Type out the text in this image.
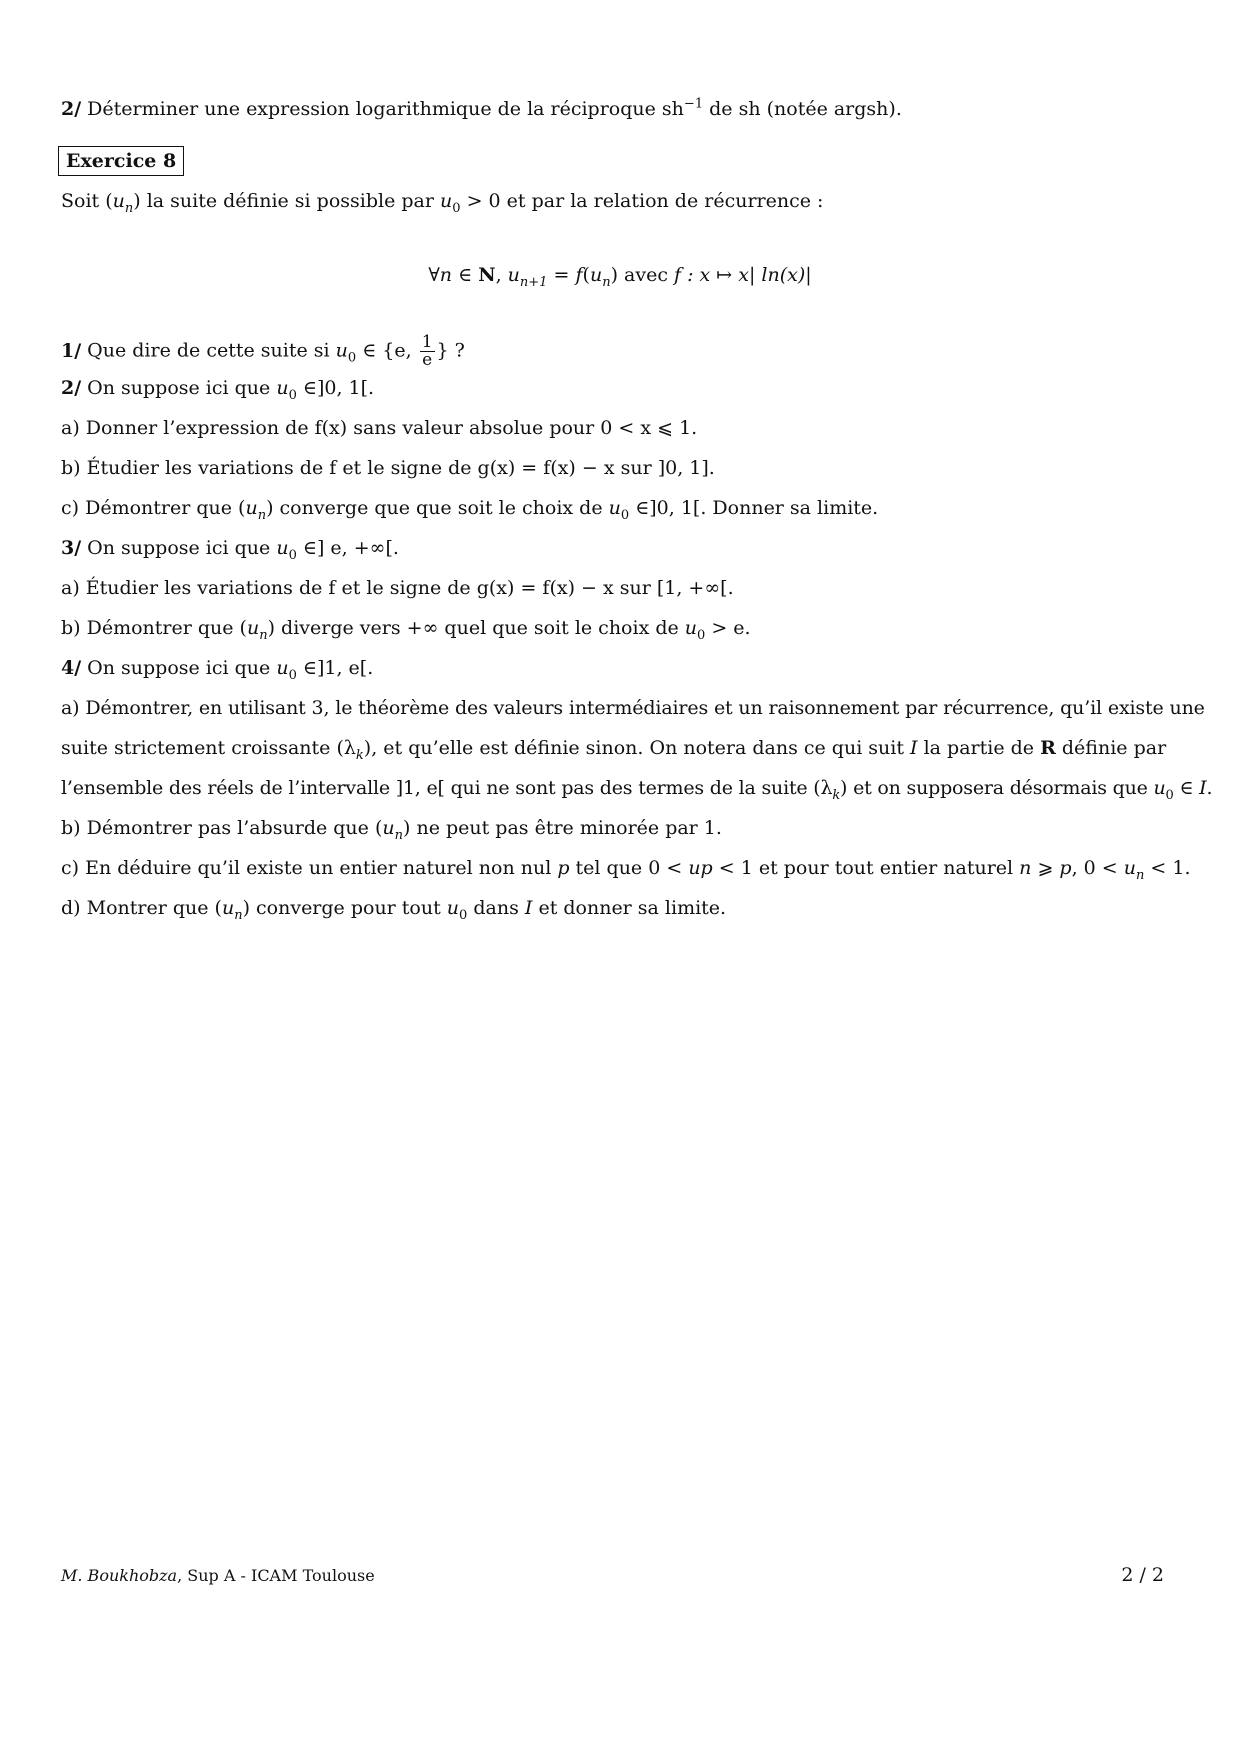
2/ Déterminer une expression logarithmique de la réciproque $sh^{-1}$ de sh (notée argsh).
Exercice 8
Soit $(u_n)$ la suite définie si possible par $u_0 > 0$ et par la relation de récurrence :
∀n ∈ N, $u_{n+1} = f(u_n)$ avec f : x ↦ x| ln(x)|
1/ Que dire de cette suite si $u_0$ ∈ {e, $\frac{1}{e}$ } ?
2/ On suppose ici que $u_0$ ∈]0, 1[.
a) Donner l’expression de f(x) sans valeur absolue pour 0 < x ⩽ 1.
b) Étudier les variations de f et le signe de g(x) = f(x) − x sur ]0, 1].
c) Démontrer que $(u_n)$ converge que que soit le choix de $u_0$ ∈]0, 1[. Donner sa limite.
3/ On suppose ici que $u_0$ ∈] e, +∞[.
a) Étudier les variations de f et le signe de g(x) = f(x) − x sur [1, +∞[.
b) Démontrer que $(u_n)$ diverge vers +∞ quel que soit le choix de $u_0 > e$.
4/ On suppose ici que $u_0$ ∈]1, e[.
a) Démontrer, en utilisant 3, le théorème des valeurs intermédiaires et un raisonnement par récurrence, qu’il existe une
suite strictement croissante $(\lambda_k)$, et qu’elle est définie sinon. On notera dans ce qui suit I la partie de R définie par
l’ensemble des réels de l’intervalle ]1, e[ qui ne sont pas des termes de la suite $(\lambda_k)$ et on supposera désormais que $u_0$ ∈ I.
b) Démontrer pas l’absurde que $(u_n)$ ne peut pas être minorée par 1.
c) En déduire qu’il existe un entier naturel non nul p tel que 0 < up < 1 et pour tout entier naturel n ⩾ p, $0 < u_n < 1$.
d) Montrer que $(u_n)$ converge pour tout $u_0$ dans I et donner sa limite.
M. Boukhobza, Sup A - ICAM Toulouse	2 / 2
